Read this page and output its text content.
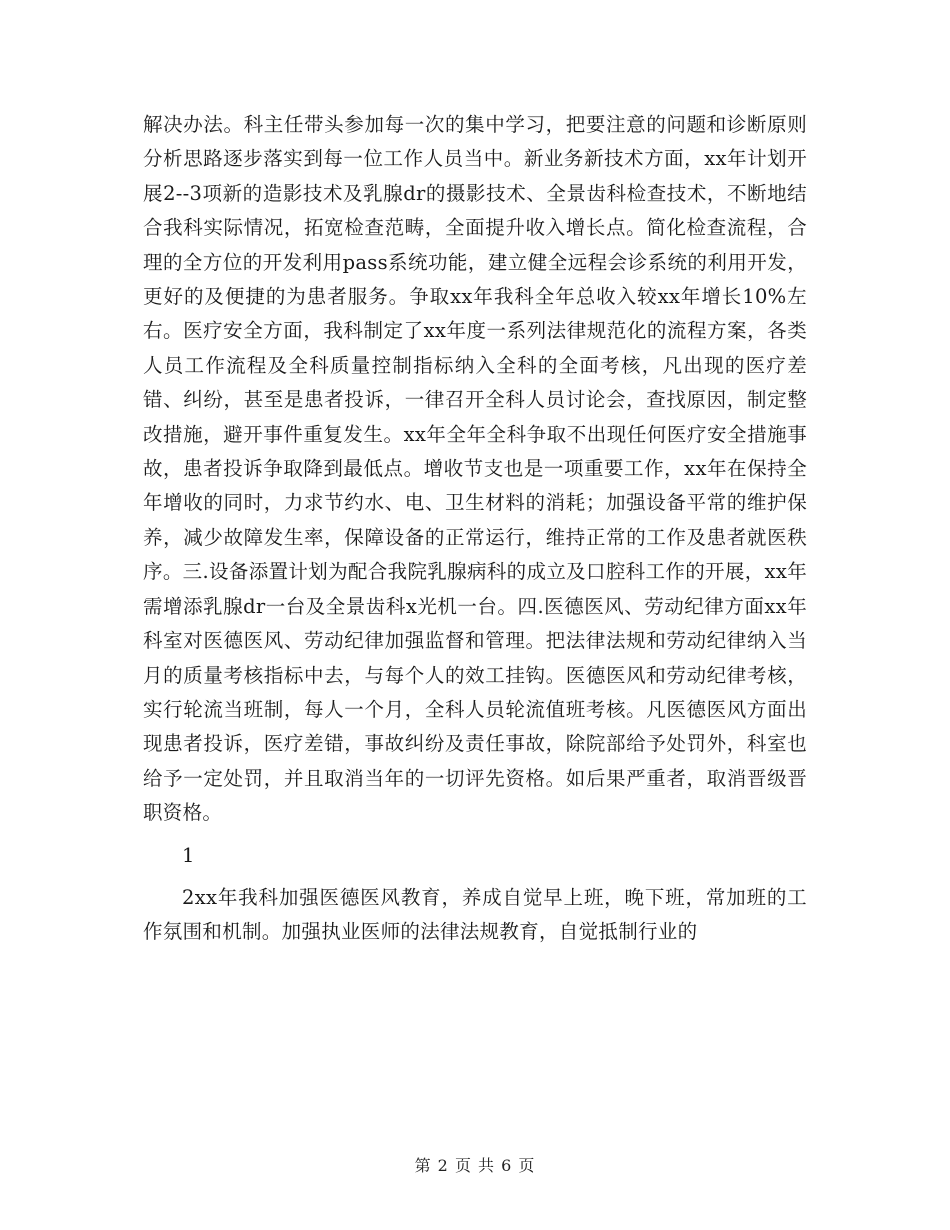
解决办法。科主任带头参加每一次的集中学习，把要注意的问题和诊断原则分析思路逐步落实到每一位工作人员当中。新业务新技术方面，xx年计划开展2--3项新的造影技术及乳腺dr的摄影技术、全景齿科检查技术，不断地结合我科实际情况，拓宽检查范畴，全面提升收入增长点。简化检查流程，合理的全方位的开发利用pass系统功能，建立健全远程会诊系统的利用开发，更好的及便捷的为患者服务。争取xx年我科全年总收入较xx年增长10%左右。医疗安全方面，我科制定了xx年度一系列法律规范化的流程方案，各类人员工作流程及全科质量控制指标纳入全科的全面考核，凡出现的医疗差错、纠纷，甚至是患者投诉，一律召开全科人员讨论会，查找原因，制定整改措施，避开事件重复发生。xx年全年全科争取不出现任何医疗安全措施事故，患者投诉争取降到最低点。增收节支也是一项重要工作，xx年在保持全年增收的同时，力求节约水、电、卫生材料的消耗；加强设备平常的维护保养，减少故障发生率，保障设备的正常运行，维持正常的工作及患者就医秩序。三.设备添置计划为配合我院乳腺病科的成立及口腔科工作的开展，xx年需增添乳腺dr一台及全景齿科x光机一台。四.医德医风、劳动纪律方面xx年科室对医德医风、劳动纪律加强监督和管理。把法律法规和劳动纪律纳入当月的质量考核指标中去，与每个人的效工挂钩。医德医风和劳动纪律考核，实行轮流当班制，每人一个月，全科人员轮流值班考核。凡医德医风方面出现患者投诉，医疗差错，事故纠纷及责任事故，除院部给予处罚外，科室也给予一定处罚，并且取消当年的一切评先资格。如后果严重者，取消晋级晋职资格。

1

2xx年我科加强医德医风教育，养成自觉早上班，晚下班，常加班的工作氛围和机制。加强执业医师的法律法规教育，自觉抵制行业的

第 2 页 共 6 页
